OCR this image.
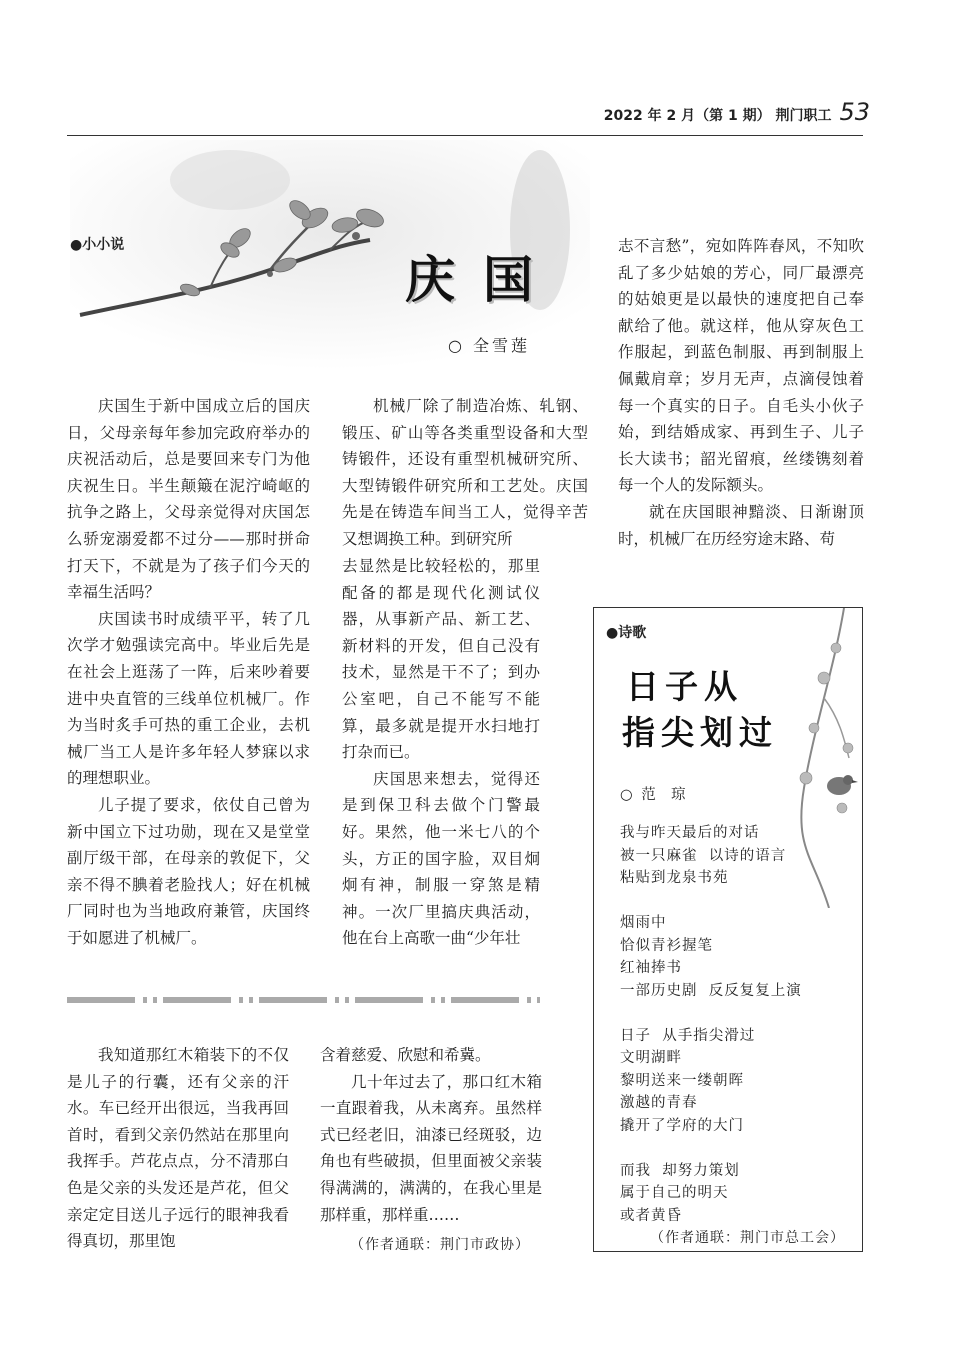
2022 年 2 月（第 1 期） 荆门职工 53
●小小说
庆国
○ 全雪莲

庆国生于新中国成立后的国庆日，父母亲每年参加完政府举办的庆祝活动后，总是要回来专门为他庆祝生日。半生颠簸在泥泞崎岖的抗争之路上，父母亲觉得对庆国怎么骄宠溺爱都不过分——那时拼命打天下，不就是为了孩子们今天的幸福生活吗？

庆国读书时成绩平平，转了几次学才勉强读完高中。毕业后先是在社会上逛荡了一阵，后来吵着要进中央直管的三线单位机械厂。作为当时炙手可热的重工企业，去机械厂当工人是许多年轻人梦寐以求的理想职业。

儿子提了要求，依仗自己曾为新中国立下过功勋，现在又是堂堂副厅级干部，在母亲的敦促下，父亲不得不腆着老脸找人；好在机械厂同时也为当地政府兼管，庆国终于如愿进了机械厂。

机械厂除了制造冶炼、轧钢、锻压、矿山等各类重型设备和大型铸锻件，还设有重型机械研究所、大型铸锻件研究所和工艺处。庆国先是在铸造车间当工人，觉得辛苦又想调换工种。到研究所

去显然是比较轻松的，那里配备的都是现代化测试仪器，从事新产品、新工艺、新材料的开发，但自己没有技术，显然是干不了；到办公室吧，自己不能写不能算，最多就是提开水扫地打打杂而已。

庆国思来想去，觉得还是到保卫科去做个门警最好。果然，他一米七八的个头，方正的国字脸，双目炯炯有神，制服一穿煞是精神。一次厂里搞庆典活动，他在台上高歌一曲“少年壮

志不言愁”，宛如阵阵春风，不知吹乱了多少姑娘的芳心，同厂最漂亮的姑娘更是以最快的速度把自己奉献给了他。就这样，他从穿灰色工作服起，到蓝色制服、再到制服上佩戴肩章；岁月无声，点滴侵蚀着每一个真实的日子。自毛头小伙子始，到结婚成家、再到生子、儿子长大读书；韶光留痕，丝缕镌刻着每一个人的发际额头。

就在庆国眼神黯淡、日渐谢顶时，机械厂在历经穷途末路、苟

我知道那红木箱装下的不仅是儿子的行囊，还有父亲的汗水。车已经开出很远，当我再回首时，看到父亲仍然站在那里向我挥手。芦花点点，分不清那白色是父亲的头发还是芦花，但父亲定定目送儿子远行的眼神我看得真切，那里饱

含着慈爱、欣慰和希冀。

几十年过去了，那口红木箱一直跟着我，从未离弃。虽然样式已经老旧，油漆已经斑驳，边角也有些破损，但里面被父亲装得满满的，满满的，在我心里是那样重，那样重……

（作者通联：荆门市政协）
●诗歌
日子从
指尖划过
○ 范  琼
我与昨天最后的对话
被一只麻雀  以诗的语言
粘贴到龙泉书苑

烟雨中
恰似青衫握笔
红袖捧书
一部历史剧  反反复复上演

日子  从手指尖滑过
文明湖畔
黎明送来一缕朝晖
激越的青春
撬开了学府的大门

而我  却努力策划
属于自己的明天
或者黄昏
（作者通联：荆门市总工会）
